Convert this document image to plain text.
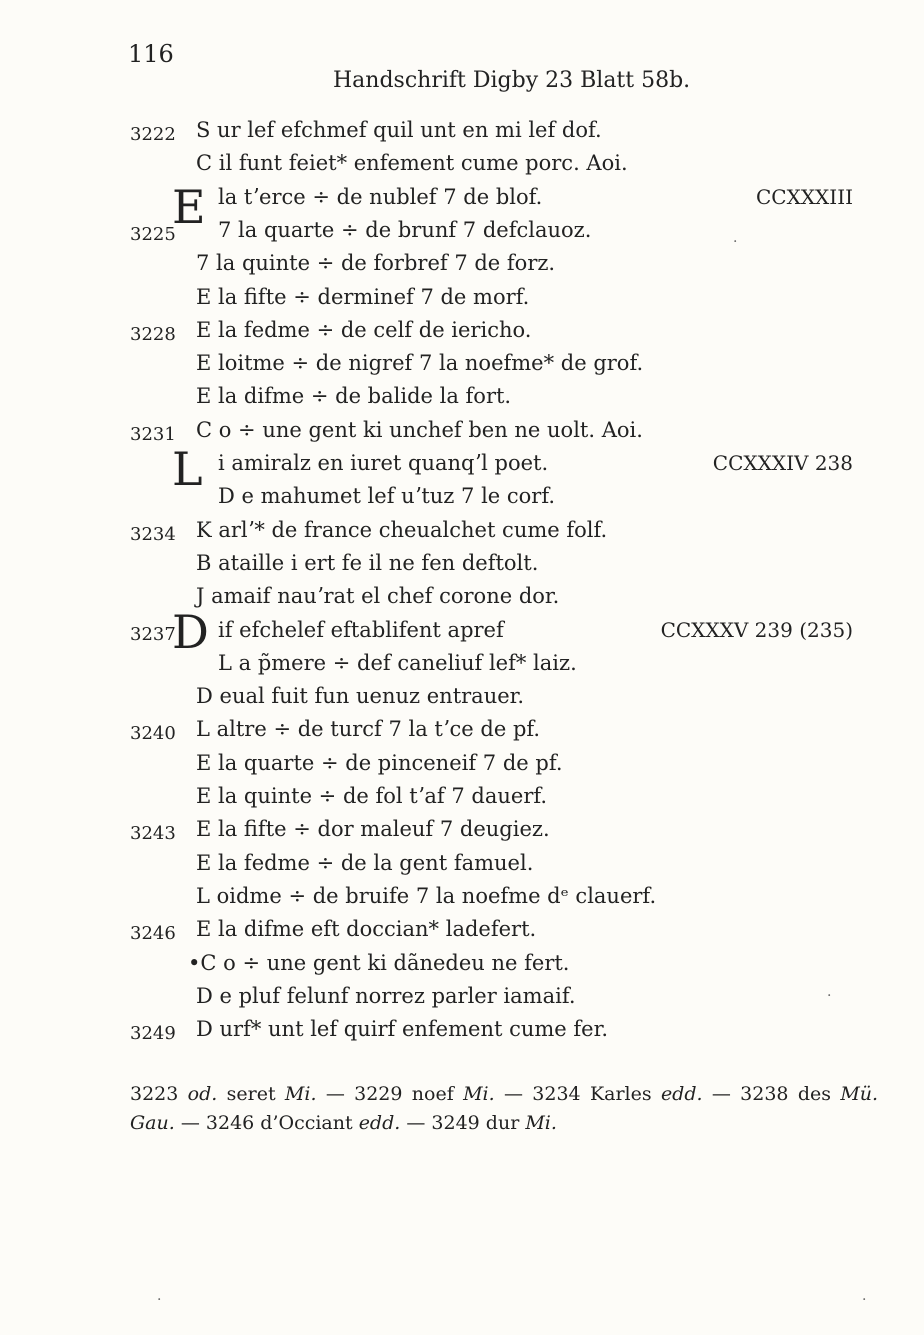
116
Handschrift Digby 23 Blatt 58b.
3222 S ur lef efchmef quil unt en mi lef dof.
C il funt feiet* enfement cume porc. Aoi.
la tʼerce ÷ de nublef 7 de blof.	CCXXXIII
3225 7 la quarte ÷ de brunf 7 defclauoz.
7 la quinte ÷ de forbref 7 de forz.
E la fifte ÷ derminef 7 de morf.
3228 E la fedme ÷ de celf de iericho.
E loitme ÷ de nigref 7 la noefme* de grof.
E la difme ÷ de balide la fort.
3231 C o ÷ une gent ki unchef ben ne uolt. Aoi.
i amiralz en iuret quanqʼl poet.	CCXXXIV 238
D e mahumet lef uʼtuz 7 le corf.
3234 K arlʼ* de france cheualchet cume folf.
B ataille i ert fe il ne fen deftolt.
J amaif nauʼrat el chef corone dor.
3237 if efchelef eftablifent apref	CCXXXV 239 (235)
L a p̃mere ÷ def caneliuf lef* laiz.
D eual fuit fun uenuz entrauer.
3240 L altre ÷ de turcf 7 la tʼce de pf.
E la quarte ÷ de pinceneif 7 de pf.
E la quinte ÷ de fol tʼaf 7 dauerf.
3243 E la fifte ÷ dor maleuf 7 deugiez.
E la fedme ÷ de la gent famuel.
L oidme ÷ de bruife 7 la noefme dᵉ clauerf.
3246 E la difme eft doccian* ladefert.
•C o ÷ une gent ki dãnedeu ne fert.
D e pluf felunf norrez parler iamaif.
3249 D urf* unt lef quirf enfement cume fer.
E
L
D
3223 od. seret Mi. — 3229 noef Mi. — 3234 Karles edd. — 3238 des Mü. Gau. — 3246 d’Occiant edd. — 3249 dur Mi.
·
·
·	·
